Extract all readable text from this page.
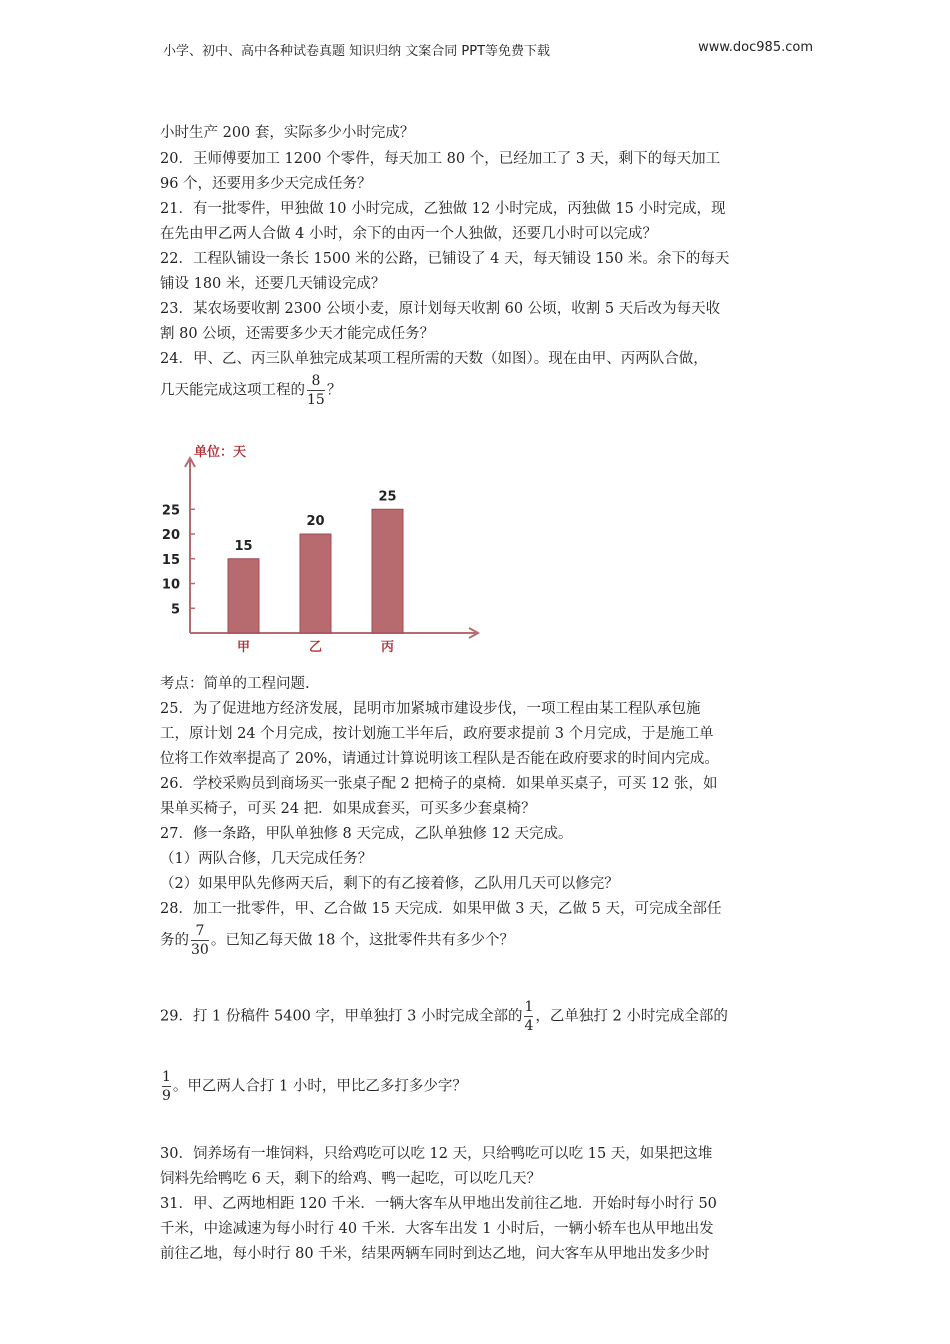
小学、初中、高中各种试卷真题 知识归纳 文案合同 PPT等免费下载	www.doc985.com
小时生产 200 套，实际多少小时完成？
20．王师傅要加工 1200 个零件，每天加工 80 个，已经加工了 3 天，剩下的每天加工
96 个，还要用多少天完成任务？
21．有一批零件，甲独做 10 小时完成，乙独做 12 小时完成，丙独做 15 小时完成，现
在先由甲乙两人合做 4 小时，余下的由丙一个人独做，还要几小时可以完成？
22．工程队铺设一条长 1500 米的公路，已铺设了 4 天，每天铺设 150 米。余下的每天
铺设 180 米，还要几天铺设完成？
23．某农场要收割 2300 公顷小麦，原计划每天收割 60 公顷，收割 5 天后改为每天收
割 80 公顷，还需要多少天才能完成任务？
24．甲、乙、丙三队单独完成某项工程所需的天数（如图）。现在由甲、丙两队合做，
几天能完成这项工程的 $\frac{8}{15}$ ？
单位：天
5
10
15
20
25
15
甲
20
乙
25
丙
考点：简单的工程问题.
25．为了促进地方经济发展，昆明市加紧城市建设步伐，一项工程由某工程队承包施
工，原计划 24 个月完成，按计划施工半年后，政府要求提前 3 个月完成，于是施工单
位将工作效率提高了 20%，请通过计算说明该工程队是否能在政府要求的时间内完成。
26．学校采购员到商场买一张桌子配 2 把椅子的桌椅．如果单买桌子，可买 12 张，如
果单买椅子，可买 24 把．如果成套买，可买多少套桌椅？
27．修一条路，甲队单独修 8 天完成，乙队单独修 12 天完成。
（1）两队合修，几天完成任务？
（2）如果甲队先修两天后，剩下的有乙接着修，乙队用几天可以修完？
28．加工一批零件，甲、乙合做 15 天完成．如果甲做 3 天，乙做 5 天，可完成全部任
务的 $\frac{7}{30}$ 。已知乙每天做 18 个，这批零件共有多少个？
29．打 1 份稿件 5400 字，甲单独打 3 小时完成全部的 $\frac{1}{4}$ ，乙单独打 2 小时完成全部的
$\frac{1}{9}$ 。甲乙两人合打 1 小时，甲比乙多打多少字？
30．饲养场有一堆饲料，只给鸡吃可以吃 12 天，只给鸭吃可以吃 15 天，如果把这堆
饲料先给鸭吃 6 天，剩下的给鸡、鸭一起吃，可以吃几天？
31．甲、乙两地相距 120 千米．一辆大客车从甲地出发前往乙地．开始时每小时行 50
千米，中途减速为每小时行 40 千米．大客车出发 1 小时后，一辆小轿车也从甲地出发
前往乙地，每小时行 80 千米，结果两辆车同时到达乙地，问大客车从甲地出发多少时
